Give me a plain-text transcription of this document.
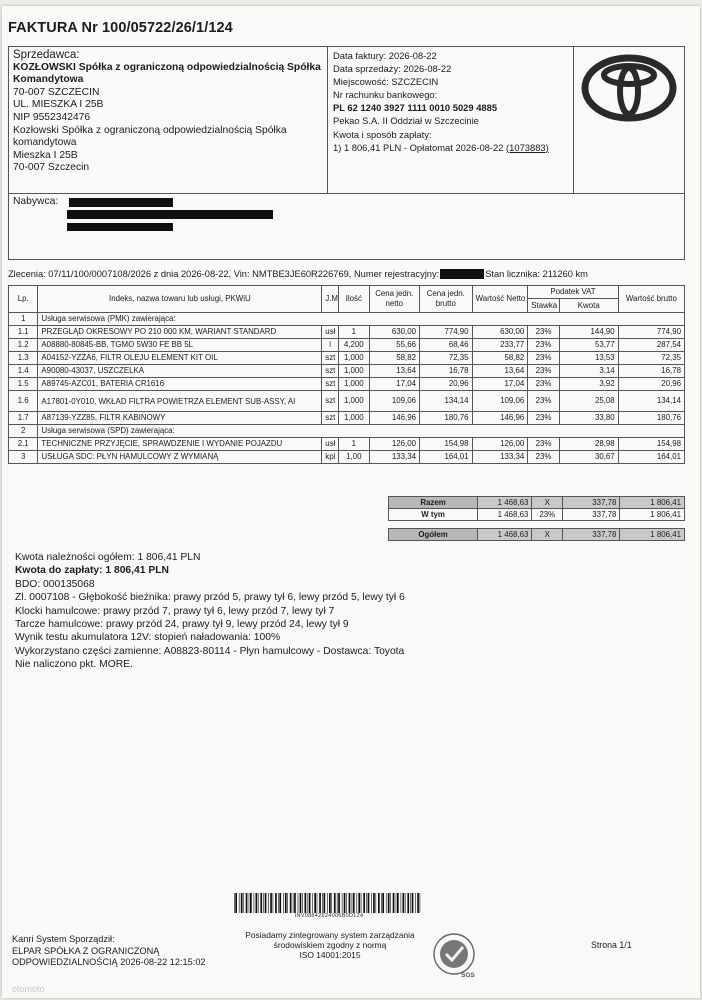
FAKTURA Nr 100/05722/26/1/124
Sprzedawca:
KOZŁOWSKI Spółka z ograniczoną odpowiedzialnością Spółka
Komandytowa
70-007 SZCZECIN
UL. MIESZKA I 25B
NIP 9552342476
Kozłowski Spółka z ograniczoną odpowiedzialnością Spółka
komandytowa
Mieszka I 25B
70-007 Szczecin
Data faktury: 2026-08-22
Data sprzedaży: 2026-08-22
Miejscowość: SZCZECIN
Nr rachunku bankowego:
PL 62 1240 3927 1111 0010 5029 4885
Pekao S.A. II Oddział w Szczecinie
Kwota i sposób zapłaty:
1) 1 806,41 PLN - Opłatomat 2026-08-22 (1073883)
Nabywca:
Zlecenia: 07/11/100/0007108/2026 z dnia 2026-08-22, Vin: NMTBE3JE60R226769, Numer rejestracyjny:	Stan licznika: 211260 km
Lp.	Indeks, nazwa towaru lub usługi, PKWiU	J.M	Ilość	Cena jedn. netto	Cena jedn. brutto	Wartość Netto	Podatek VAT		Wartość brutto
							Stawka	Kwota	
1	Usługa serwisowa (PMK) zawierająca:								
1.1	PRZEGLĄD OKRESOWY PO 210 000 KM, WARIANT STANDARD	usł	1	630,00	774,90	630,00	23%	144,90	774,90
1.2	A08880-80845-BB, TGMO 5W30 FE BB 5L	l	4,200	55,66	68,46	233,77	23%	53,77	287,54
1.3	A04152-YZZA6, FILTR OLEJU ELEMENT KIT OIL	szt	1,000	58,82	72,35	58,82	23%	13,53	72,35
1.4	A90080-43037, USZCZELKA	szt	1,000	13,64	16,78	13,64	23%	3,14	16,78
1.5	A89745-AZC01, BATERIA CR1616	szt	1,000	17,04	20,96	17,04	23%	3,92	20,96
1.6	A17801-0Y010, WKŁAD FILTRA POWIETRZA ELEMENT SUB-ASSY, AI	szt	1,000	109,06	134,14	109,06	23%	25,08	134,14
1.7	A87139-YZZ85, FILTR KABINOWY	szt	1,000	146,96	180,76	146,96	23%	33,80	180,76
2	Usługa serwisowa (SPD) zawierająca:								
2.1	TECHNICZNE PRZYJĘCIE, SPRAWDZENIE I WYDANIE POJAZDU	usł	1	126,00	154,98	126,00	23%	28,98	154,98
3	USŁUGA SDC: PŁYN HAMULCOWY Z WYMIANĄ	kpl	1,00	133,34	164,01	133,34	23%	30,67	164,01
Razem	1 468,63	X	337,78	1 806,41
W tym	1 468,63	23%	337,78	1 806,41

Ogółem	1 468,63	X	337,78	1 806,41
Kwota należności ogółem: 1 806,41 PLN
Kwota do zapłaty: 1 806,41 PLN
BDO: 000135068
Zl. 0007108 - Głębokość bieżnika: prawy przód 5, prawy tył 6, lewy przód 5, lewy tył 6
Klocki hamulcowe: prawy przód 7, prawy tył 6, lewy przód 7, lewy tył 7
Tarcze hamulcowe: prawy przód 24, prawy tył 9, lewy przód 24, lewy tył 9
Wynik testu akumulatora 12V: stopień naładowania: 100%
Wykorzystano części zamienne: A08823-80114 - Płyn hamulcowy - Dostawca: Toyota
Nie naliczono pkt. MORE.
INV08842624006B0D124
Kanri System Sporządził:
ELPAR SPÓŁKA Z OGRANICZONĄ
ODPOWIEDZIALNOŚCIĄ 2026-08-22 12:15:02
Posiadamy zintegrowany system zarządzania
środowiskiem zgodny z normą
ISO 14001:2015
SGS
Strona 1/1
otomoto
